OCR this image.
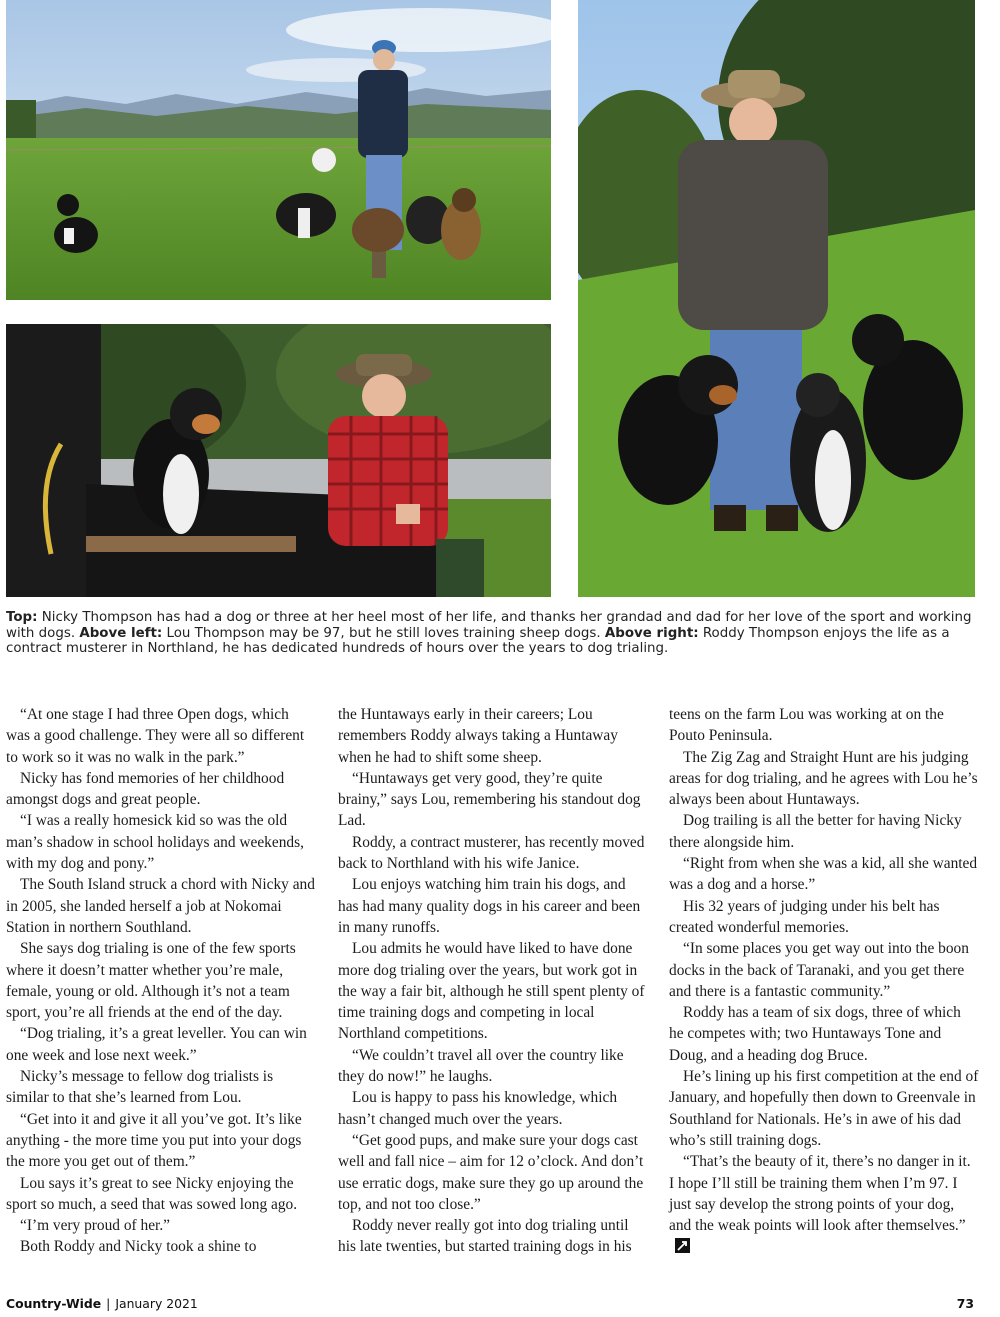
Top: Nicky Thompson has had a dog or three at her heel most of her life, and thanks her grandad and dad for her love of the sport and working with dogs. Above left: Lou Thompson may be 97, but he still loves training sheep dogs. Above right: Roddy Thompson enjoys the life as a contract musterer in Northland, he has dedicated hundreds of hours over the years to dog trialing.

“At one stage I had three Open dogs, which was a good challenge. They were all so different to work so it was no walk in the park.”

Nicky has fond memories of her childhood amongst dogs and great people.

“I was a really homesick kid so was the old man’s shadow in school holidays and weekends, with my dog and pony.”

The South Island struck a chord with Nicky and in 2005, she landed herself a job at Nokomai Station in northern Southland.

She says dog trialing is one of the few sports where it doesn’t matter whether you’re male, female, young or old. Although it’s not a team sport, you’re all friends at the end of the day.

“Dog trialing, it’s a great leveller. You can win one week and lose next week.”

Nicky’s message to fellow dog trialists is similar to that she’s learned from Lou.

“Get into it and give it all you’ve got. It’s like anything - the more time you put into your dogs the more you get out of them.”

Lou says it’s great to see Nicky enjoying the sport so much, a seed that was sowed long ago.

“I’m very proud of her.”

Both Roddy and Nicky took a shine to

the Huntaways early in their careers; Lou remembers Roddy always taking a Huntaway when he had to shift some sheep.

“Huntaways get very good, they’re quite brainy,” says Lou, remembering his standout dog Lad.

Roddy, a contract musterer, has recently moved back to Northland with his wife Janice.

Lou enjoys watching him train his dogs, and has had many quality dogs in his career and been in many runoffs.

Lou admits he would have liked to have done more dog trialing over the years, but work got in the way a fair bit, although he still spent plenty of time training dogs and competing in local Northland competitions.

“We couldn’t travel all over the country like they do now!” he laughs.

Lou is happy to pass his knowledge, which hasn’t changed much over the years.

“Get good pups, and make sure your dogs cast well and fall nice – aim for 12 o’clock. And don’t use erratic dogs, make sure they go up around the top, and not too close.”

Roddy never really got into dog trialing until his late twenties, but started training dogs in his

teens on the farm Lou was working at on the Pouto Peninsula.

The Zig Zag and Straight Hunt are his judging areas for dog trialing, and he agrees with Lou he’s always been about Huntaways.

Dog trailing is all the better for having Nicky there alongside him.

“Right from when she was a kid, all she wanted was a dog and a horse.”

His 32 years of judging under his belt has created wonderful memories.

“In some places you get way out into the boon docks in the back of Taranaki, and you get there and there is a fantastic community.”

Roddy has a team of six dogs, three of which he competes with; two Huntaways Tone and Doug, and a heading dog Bruce.

He’s lining up his first competition at the end of January, and hopefully then down to Greenvale in Southland for Nationals. He’s in awe of his dad who’s still training dogs.

“That’s the beauty of it, there’s no danger in it. I hope I’ll still be training them when I’m 97. I just say develop the strong points of your dog, and the weak points will look after themselves.”

Country-Wide | January 2021	73
